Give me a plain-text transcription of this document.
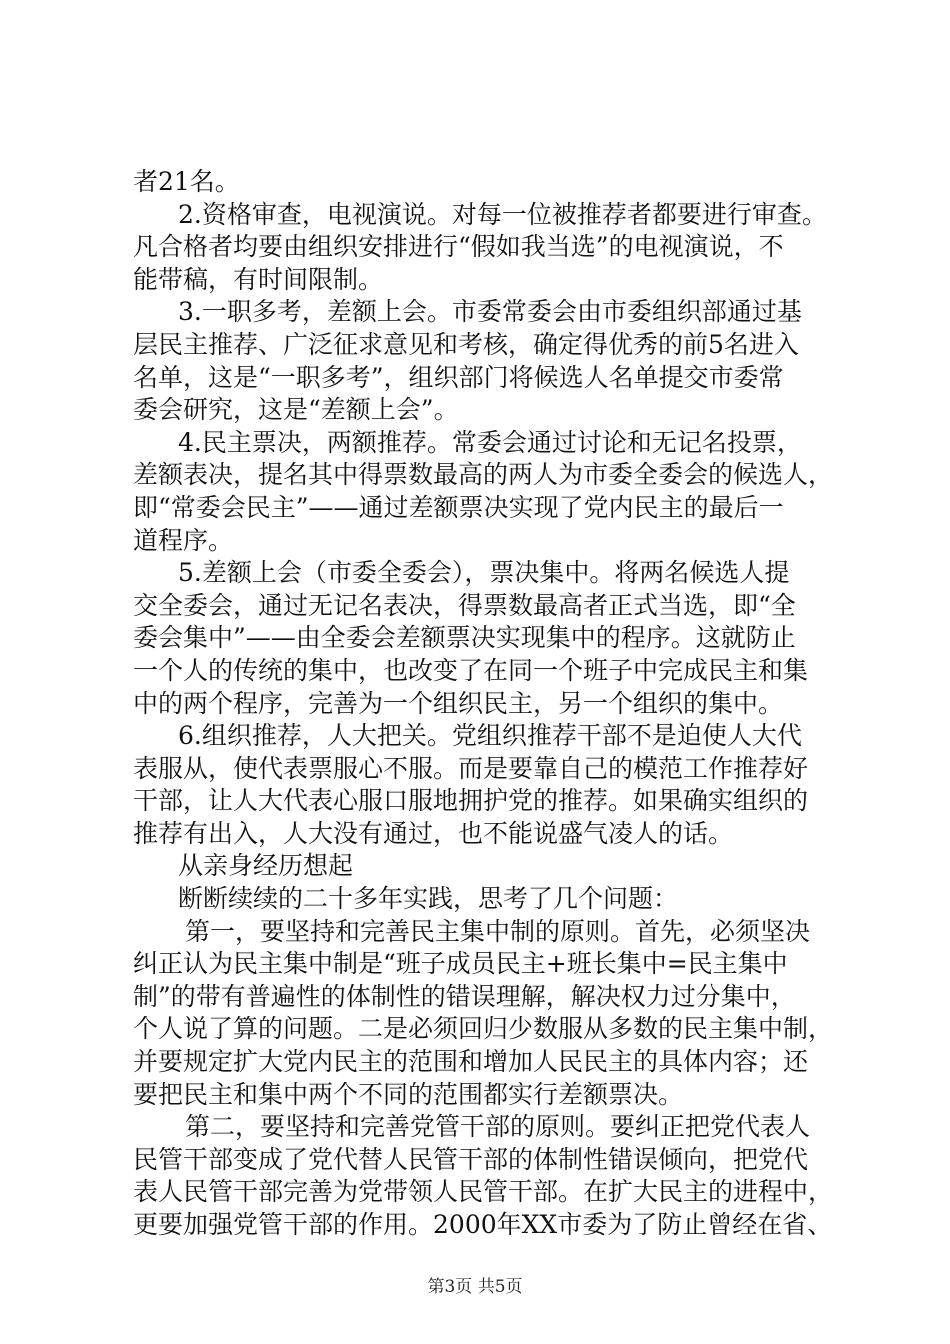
者21名。
2.资格审查，电视演说。对每一位被推荐者都要进行审查。
凡合格者均要由组织安排进行“假如我当选”的电视演说，不
能带稿，有时间限制。
3.一职多考，差额上会。市委常委会由市委组织部通过基
层民主推荐、广泛征求意见和考核，确定得优秀的前5名进入
名单，这是“一职多考”，组织部门将候选人名单提交市委常
委会研究，这是“差额上会”。
4.民主票决，两额推荐。常委会通过讨论和无记名投票，
差额表决，提名其中得票数最高的两人为市委全委会的候选人，
即“常委会民主”——通过差额票决实现了党内民主的最后一
道程序。
5.差额上会（市委全委会），票决集中。将两名候选人提
交全委会，通过无记名表决，得票数最高者正式当选，即“全
委会集中”——由全委会差额票决实现集中的程序。这就防止
一个人的传统的集中，也改变了在同一个班子中完成民主和集
中的两个程序，完善为一个组织民主，另一个组织的集中。
6.组织推荐，人大把关。党组织推荐干部不是迫使人大代
表服从，使代表票服心不服。而是要靠自己的模范工作推荐好
干部，让人大代表心服口服地拥护党的推荐。如果确实组织的
推荐有出入，人大没有通过，也不能说盛气凌人的话。
从亲身经历想起
断断续续的二十多年实践，思考了几个问题：
第一，要坚持和完善民主集中制的原则。首先，必须坚决
纠正认为民主集中制是“班子成员民主+班长集中=民主集中
制”的带有普遍性的体制性的错误理解，解决权力过分集中，
个人说了算的问题。二是必须回归少数服从多数的民主集中制，
并要规定扩大党内民主的范围和增加人民民主的具体内容；还
要把民主和集中两个不同的范围都实行差额票决。
第二，要坚持和完善党管干部的原则。要纠正把党代表人
民管干部变成了党代替人民管干部的体制性错误倾向，把党代
表人民管干部完善为党带领人民管干部。在扩大民主的进程中，
更要加强党管干部的作用。2000年XX市委为了防止曾经在省、
第3页 共5页
